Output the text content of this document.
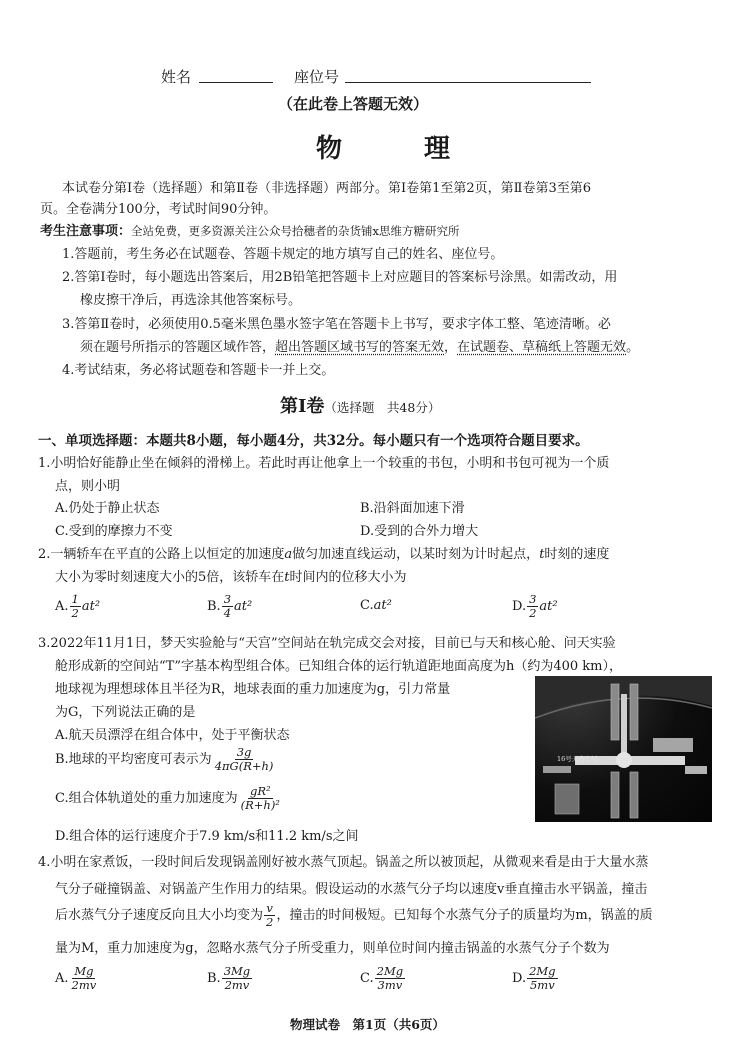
姓名	座位号
（在此卷上答题无效）
物　理
本试卷分第Ⅰ卷（选择题）和第Ⅱ卷（非选择题）两部分。第Ⅰ卷第1至第2页，第Ⅱ卷第3至第6
页。全卷满分100分，考试时间90分钟。
考生注意事项：全站免费，更多资源关注公众号拾穗者的杂货铺x思维方糖研究所
1.答题前，考生务必在试题卷、答题卡规定的地方填写自己的姓名、座位号。
2.答第Ⅰ卷时，每小题选出答案后，用2B铅笔把答题卡上对应题目的答案标号涂黑。如需改动，用
橡皮擦干净后，再选涂其他答案标号。
3.答第Ⅱ卷时，必须使用0.5毫米黑色墨水签字笔在答题卡上书写，要求字体工整、笔迹清晰。必
须在题号所指示的答题区域作答，超出答题区域书写的答案无效，在试题卷、草稿纸上答题无效。
4.考试结束，务必将试题卷和答题卡一并上交。
第Ⅰ卷（选择题　共48分）
一、单项选择题：本题共8小题，每小题4分，共32分。每小题只有一个选项符合题目要求。
1.小明恰好能静止坐在倾斜的滑梯上。若此时再让他拿上一个较重的书包，小明和书包可视为一个质
点，则小明
A.仍处于静止状态	B.沿斜面加速下滑
C.受到的摩擦力不变	D.受到的合外力增大
2.一辆轿车在平直的公路上以恒定的加速度a做匀加速直线运动，以某时刻为计时起点，t时刻的速度
大小为零时刻速度大小的5倍，该轿车在t时间内的位移大小为
A. $\frac{1}{2} at^2$	B. $\frac{3}{4} at^2$	C.at²	D. $\frac{3}{2} at^2$
3.2022年11月1日，梦天实验舱与“天宫”空间站在轨完成交会对接，目前已与天和核心舱、问天实验
舱形成新的空间站“T”字基本构型组合体。已知组合体的运行轨道距地面高度为h（约为400 km），
地球视为理想球体且半径为R，地球表面的重力加速度为g，引力常量
为G，下列说法正确的是
A.航天员漂浮在组合体中，处于平衡状态
B.地球的平均密度可表示为 $\frac{3g}{4\pi G(R+h)}$
C.组合体轨道处的重力加速度为 $\frac{\text{gR²}}{\text{(R+h)²}}$
D.组合体的运行速度介于7.9 km/s和11.2 km/s之间
16号天舟七号
4.小明在家煮饭，一段时间后发现锅盖刚好被水蒸气顶起。锅盖之所以被顶起，从微观来看是由于大量水蒸
气分子碰撞锅盖、对锅盖产生作用力的结果。假设运动的水蒸气分子均以速度v垂直撞击水平锅盖，撞击
后水蒸气分子速度反向且大小均变为 $\frac{v}{2}$ ，撞击的时间极短。已知每个水蒸气分子的质量均为m，锅盖的质
量为M，重力加速度为g，忽略水蒸气分子所受重力，则单位时间内撞击锅盖的水蒸气分子个数为
A. $\frac{Mg}{2mv}$	B. $\frac{3Mg}{2mv}$	C. $\frac{2Mg}{3mv}$	D. $\frac{2Mg}{5mv}$
物理试卷　第1页（共6页）
